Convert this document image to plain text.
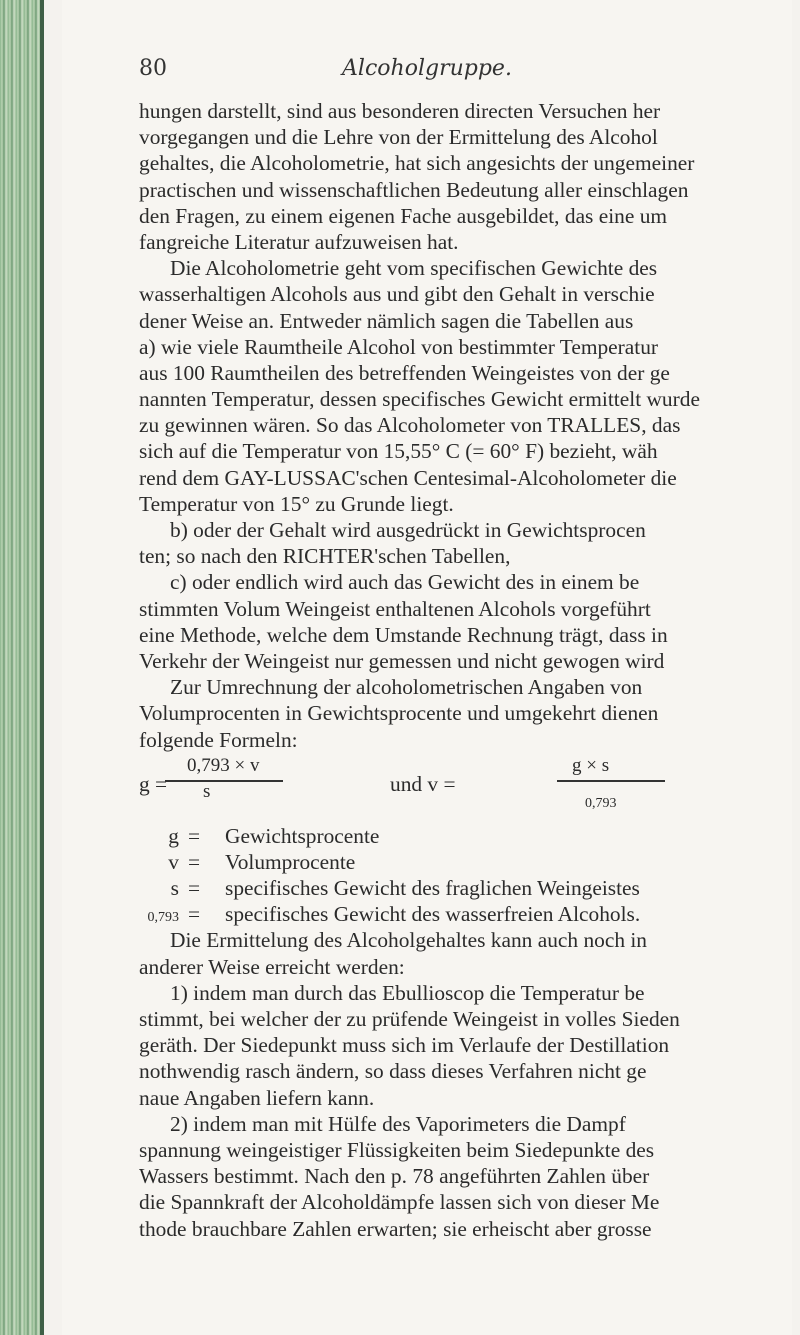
80	Alcoholgruppe.
hungen darstellt, sind aus besonderen directen Versuchen her
vorgegangen und die Lehre von der Ermittelung des Alcohol
gehaltes, die Alcoholometrie, hat sich angesichts der ungemeiner
practischen und wissenschaftlichen Bedeutung aller einschlagen
den Fragen, zu einem eigenen Fache ausgebildet, das eine um
fangreiche Literatur aufzuweisen hat.
Die Alcoholometrie geht vom specifischen Gewichte des
wasserhaltigen Alcohols aus und gibt den Gehalt in verschie
dener Weise an. Entweder nämlich sagen die Tabellen aus
a) wie viele Raumtheile Alcohol von bestimmter Temperatur
aus 100 Raumtheilen des betreffenden Weingeistes von der ge
nannten Temperatur, dessen specifisches Gewicht ermittelt wurde
zu gewinnen wären. So das Alcoholometer von TRALLES, das
sich auf die Temperatur von 15,55° C (= 60° F) bezieht, wäh
rend dem GAY-LUSSAC'schen Centesimal-Alcoholometer die
Temperatur von 15° zu Grunde liegt.
b) oder der Gehalt wird ausgedrückt in Gewichtsprocen
ten; so nach den RICHTER'schen Tabellen,
c) oder endlich wird auch das Gewicht des in einem be
stimmten Volum Weingeist enthaltenen Alcohols vorgeführt
eine Methode, welche dem Umstande Rechnung trägt, dass in
Verkehr der Weingeist nur gemessen und nicht gewogen wird
Zur Umrechnung der alcoholometrischen Angaben von
Volumprocenten in Gewichtsprocente und umgekehrt dienen
folgende Formeln:
g =
0,793 × v
s	und v =
g × s
0,793
g = Gewichtsprocente
v = Volumprocente
s = specifisches Gewicht des fraglichen Weingeistes
0,793 = specifisches Gewicht des wasserfreien Alcohols.
Die Ermittelung des Alcoholgehaltes kann auch noch in
anderer Weise erreicht werden:
1) indem man durch das Ebullioscop die Temperatur be
stimmt, bei welcher der zu prüfende Weingeist in volles Sieden
geräth. Der Siedepunkt muss sich im Verlaufe der Destillation
nothwendig rasch ändern, so dass dieses Verfahren nicht ge
naue Angaben liefern kann.
2) indem man mit Hülfe des Vaporimeters die Dampf
spannung weingeistiger Flüssigkeiten beim Siedepunkte des
Wassers bestimmt. Nach den p. 78 angeführten Zahlen über
die Spannkraft der Alcoholdämpfe lassen sich von dieser Me
thode brauchbare Zahlen erwarten; sie erheischt aber grosse
